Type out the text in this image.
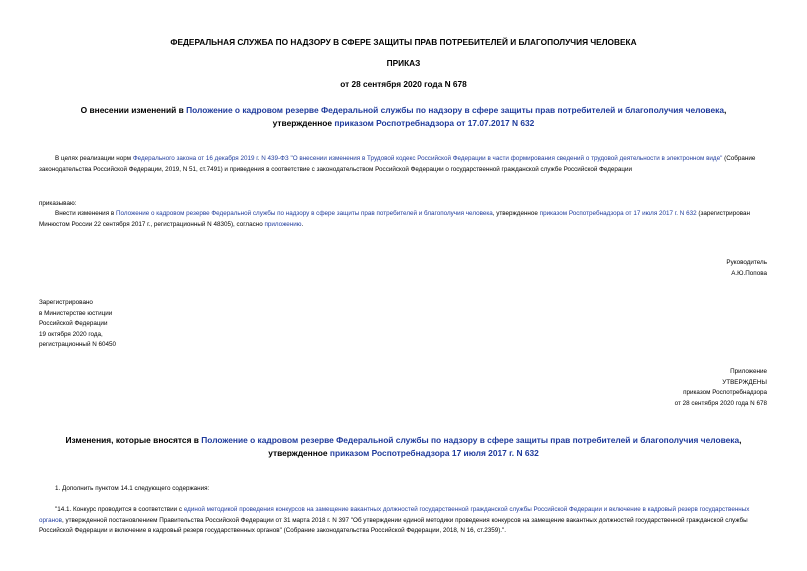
ФЕДЕРАЛЬНАЯ СЛУЖБА ПО НАДЗОРУ В СФЕРЕ ЗАЩИТЫ ПРАВ ПОТРЕБИТЕЛЕЙ И БЛАГОПОЛУЧИЯ ЧЕЛОВЕКА
ПРИКАЗ
от 28 сентября 2020 года N 678
О внесении изменений в Положение о кадровом резерве Федеральной службы по надзору в сфере защиты прав потребителей и благополучия человека,
утвержденное приказом Роспотребнадзора от 17.07.2017 N 632
В целях реализации норм Федерального закона от 16 декабря 2019 г. N 439-ФЗ "О внесении изменения в Трудовой кодекс Российской Федерации в части формирования сведений о трудовой деятельности в электронном виде" (Собрание законодательства Российской Федерации, 2019, N 51, ст.7491) и приведения в соответствие с законодательством Российской Федерации о государственной гражданской службе Российской Федерации
приказываю:
Внести изменения в Положение о кадровом резерве Федеральной службы по надзору в сфере защиты прав потребителей и благополучия человека, утвержденное приказом Роспотребнадзора от 17 июля 2017 г. N 632 (зарегистрирован Минюстом России 22 сентября 2017 г., регистрационный N 48305), согласно приложению.
Руководитель
А.Ю.Попова
Зарегистрировано
в Министерстве юстиции
Российской Федерации
19 октября 2020 года,
регистрационный N 60450
Приложение
УТВЕРЖДЕНЫ
приказом Роспотребнадзора
от 28 сентября 2020 года N 678
Изменения, которые вносятся в Положение о кадровом резерве Федеральной службы по надзору в сфере защиты прав потребителей и благополучия человека,
утвержденное приказом Роспотребнадзора 17 июля 2017 г. N 632
1. Дополнить пунктом 14.1 следующего содержания:
"14.1. Конкурс проводится в соответствии с единой методикой проведения конкурсов на замещение вакантных должностей государственной гражданской службы Российской Федерации и включение в кадровый резерв государственных органов, утвержденной постановлением Правительства Российской Федерации от 31 марта 2018 г. N 397 "Об утверждении единой методики проведения конкурсов на замещение вакантных должностей государственной гражданской службы Российской Федерации и включение в кадровый резерв государственных органов" (Собрание законодательства Российской Федерации, 2018, N 16, ст.2359).".
